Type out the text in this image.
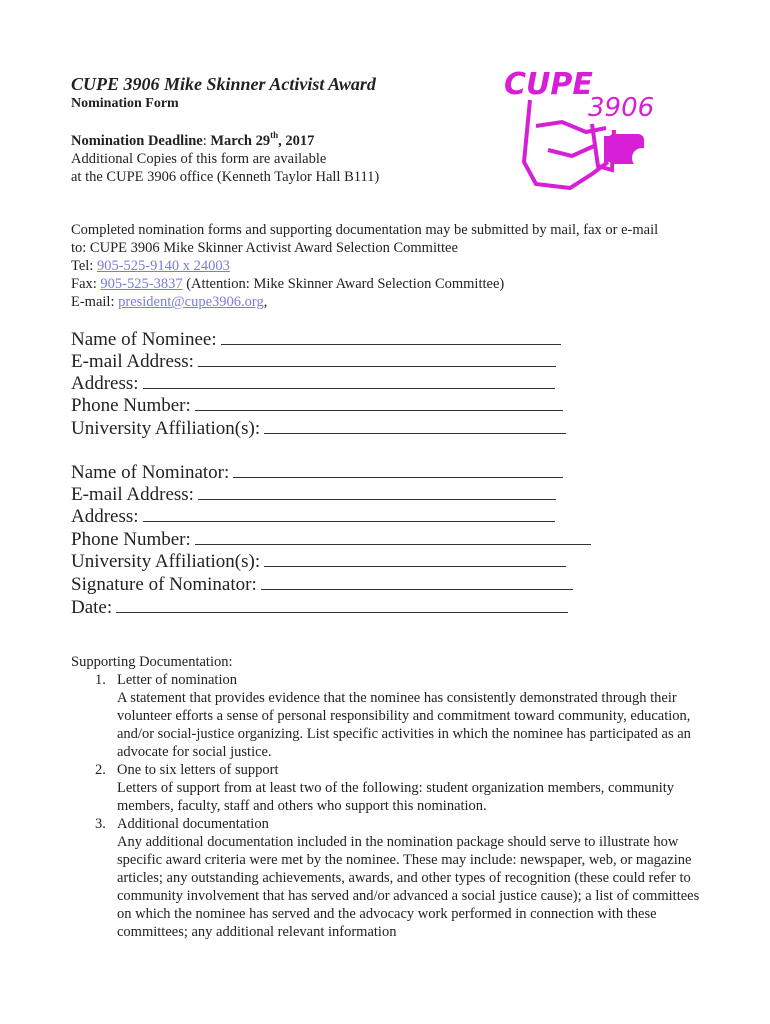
CUPE 3906 Mike Skinner Activist Award
Nomination Form
Nomination Deadline: March 29th, 2017
Additional Copies of this form are available
at the CUPE 3906 office (Kenneth Taylor Hall B111)
CUPE
3906
Completed nomination forms and supporting documentation may be submitted by mail, fax or e-mail
to: CUPE 3906 Mike Skinner Activist Award Selection Committee
Tel: 905-525-9140 x 24003
Fax: 905-525-3837 (Attention: Mike Skinner Award Selection Committee)
E-mail: president@cupe3906.org,
Name of Nominee:
E-mail Address:
Address:
Phone Number:
University Affiliation(s):
Name of Nominator:
E-mail Address:
Address:
Phone Number:
University Affiliation(s):
Signature of Nominator:
Date:
Supporting Documentation:
1. Letter of nomination
A statement that provides evidence that the nominee has consistently demonstrated through their volunteer efforts a sense of personal responsibility and commitment toward community, education, and/or social-justice organizing. List specific activities in which the nominee has participated as an advocate for social justice.
2. One to six letters of support
Letters of support from at least two of the following: student organization members, community members, faculty, staff and others who support this nomination.
3. Additional documentation
Any additional documentation included in the nomination package should serve to illustrate how specific award criteria were met by the nominee. These may include: newspaper, web, or magazine articles; any outstanding achievements, awards, and other types of recognition (these could refer to community involvement that has served and/or advanced a social justice cause); a list of committees on which the nominee has served and the advocacy work performed in connection with these committees; any additional relevant information
